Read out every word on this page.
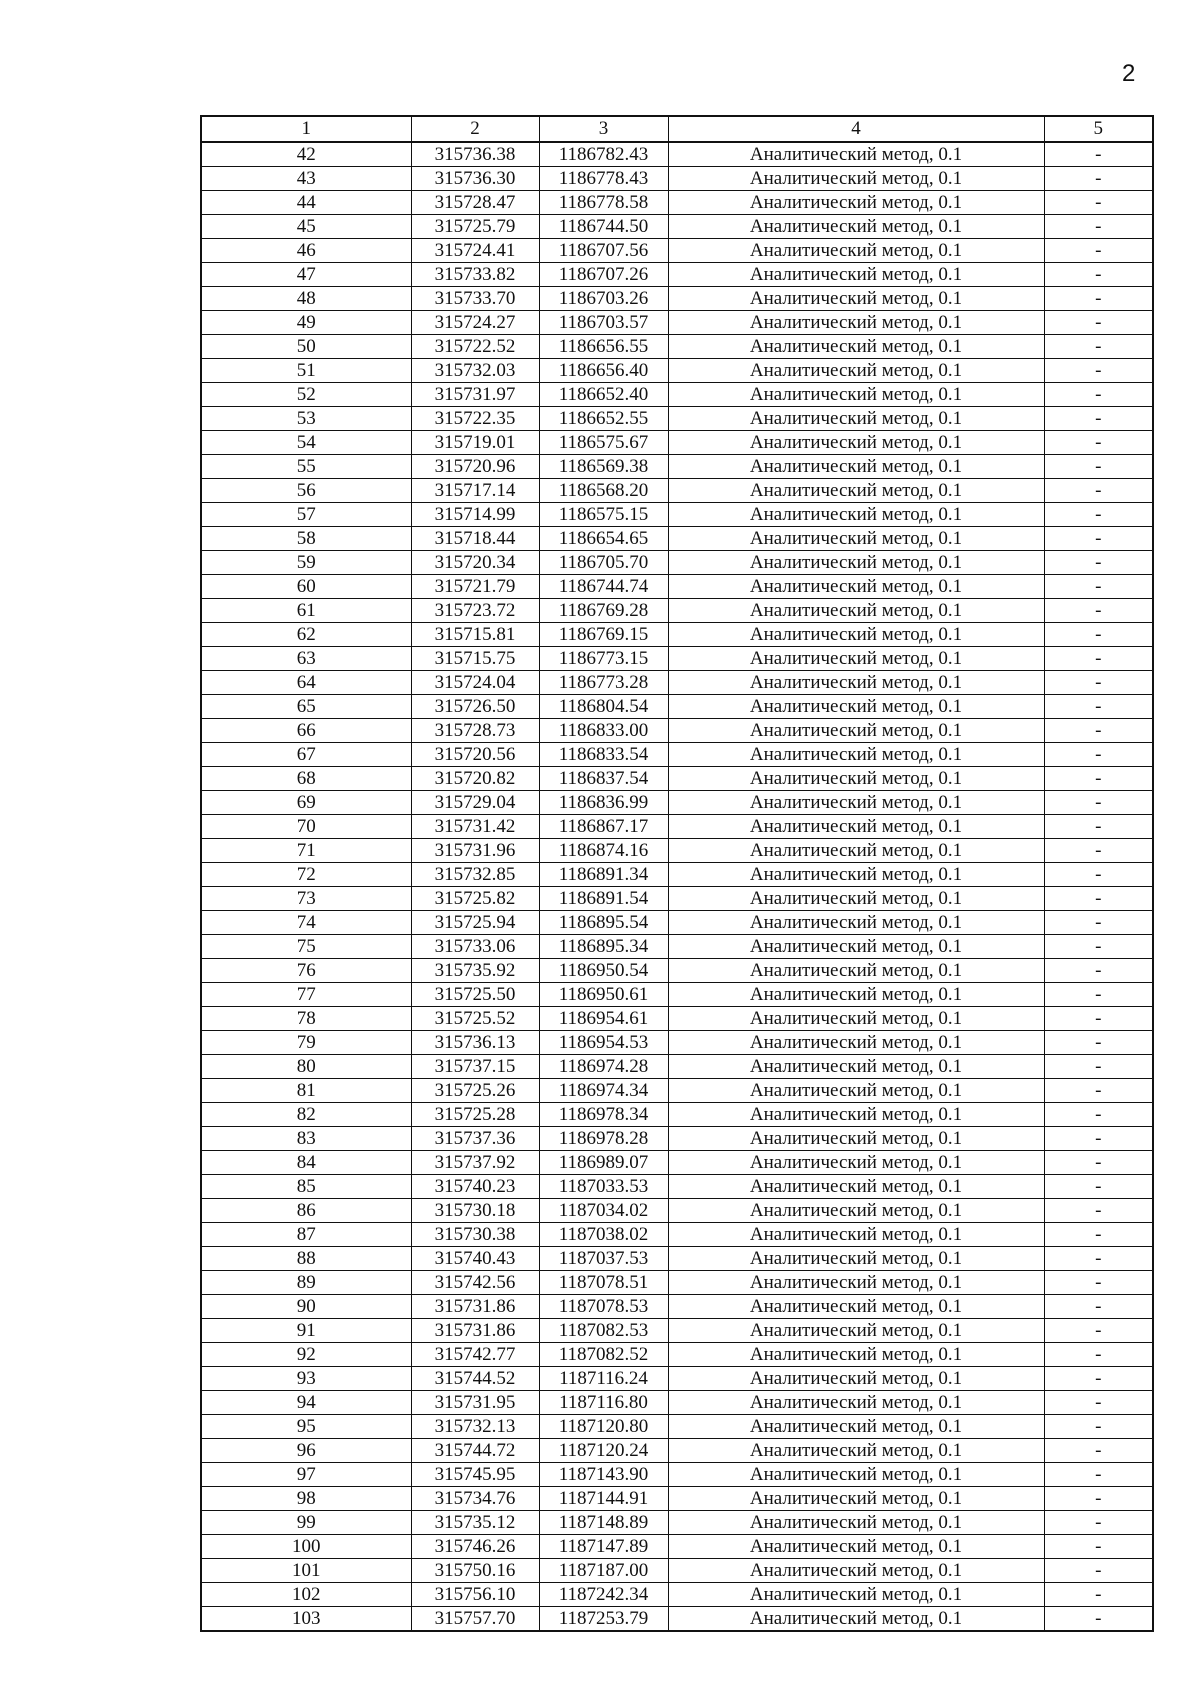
2
1	2	3	4	5
42	315736.38	1186782.43	Аналитический метод, 0.1	-
43	315736.30	1186778.43	Аналитический метод, 0.1	-
44	315728.47	1186778.58	Аналитический метод, 0.1	-
45	315725.79	1186744.50	Аналитический метод, 0.1	-
46	315724.41	1186707.56	Аналитический метод, 0.1	-
47	315733.82	1186707.26	Аналитический метод, 0.1	-
48	315733.70	1186703.26	Аналитический метод, 0.1	-
49	315724.27	1186703.57	Аналитический метод, 0.1	-
50	315722.52	1186656.55	Аналитический метод, 0.1	-
51	315732.03	1186656.40	Аналитический метод, 0.1	-
52	315731.97	1186652.40	Аналитический метод, 0.1	-
53	315722.35	1186652.55	Аналитический метод, 0.1	-
54	315719.01	1186575.67	Аналитический метод, 0.1	-
55	315720.96	1186569.38	Аналитический метод, 0.1	-
56	315717.14	1186568.20	Аналитический метод, 0.1	-
57	315714.99	1186575.15	Аналитический метод, 0.1	-
58	315718.44	1186654.65	Аналитический метод, 0.1	-
59	315720.34	1186705.70	Аналитический метод, 0.1	-
60	315721.79	1186744.74	Аналитический метод, 0.1	-
61	315723.72	1186769.28	Аналитический метод, 0.1	-
62	315715.81	1186769.15	Аналитический метод, 0.1	-
63	315715.75	1186773.15	Аналитический метод, 0.1	-
64	315724.04	1186773.28	Аналитический метод, 0.1	-
65	315726.50	1186804.54	Аналитический метод, 0.1	-
66	315728.73	1186833.00	Аналитический метод, 0.1	-
67	315720.56	1186833.54	Аналитический метод, 0.1	-
68	315720.82	1186837.54	Аналитический метод, 0.1	-
69	315729.04	1186836.99	Аналитический метод, 0.1	-
70	315731.42	1186867.17	Аналитический метод, 0.1	-
71	315731.96	1186874.16	Аналитический метод, 0.1	-
72	315732.85	1186891.34	Аналитический метод, 0.1	-
73	315725.82	1186891.54	Аналитический метод, 0.1	-
74	315725.94	1186895.54	Аналитический метод, 0.1	-
75	315733.06	1186895.34	Аналитический метод, 0.1	-
76	315735.92	1186950.54	Аналитический метод, 0.1	-
77	315725.50	1186950.61	Аналитический метод, 0.1	-
78	315725.52	1186954.61	Аналитический метод, 0.1	-
79	315736.13	1186954.53	Аналитический метод, 0.1	-
80	315737.15	1186974.28	Аналитический метод, 0.1	-
81	315725.26	1186974.34	Аналитический метод, 0.1	-
82	315725.28	1186978.34	Аналитический метод, 0.1	-
83	315737.36	1186978.28	Аналитический метод, 0.1	-
84	315737.92	1186989.07	Аналитический метод, 0.1	-
85	315740.23	1187033.53	Аналитический метод, 0.1	-
86	315730.18	1187034.02	Аналитический метод, 0.1	-
87	315730.38	1187038.02	Аналитический метод, 0.1	-
88	315740.43	1187037.53	Аналитический метод, 0.1	-
89	315742.56	1187078.51	Аналитический метод, 0.1	-
90	315731.86	1187078.53	Аналитический метод, 0.1	-
91	315731.86	1187082.53	Аналитический метод, 0.1	-
92	315742.77	1187082.52	Аналитический метод, 0.1	-
93	315744.52	1187116.24	Аналитический метод, 0.1	-
94	315731.95	1187116.80	Аналитический метод, 0.1	-
95	315732.13	1187120.80	Аналитический метод, 0.1	-
96	315744.72	1187120.24	Аналитический метод, 0.1	-
97	315745.95	1187143.90	Аналитический метод, 0.1	-
98	315734.76	1187144.91	Аналитический метод, 0.1	-
99	315735.12	1187148.89	Аналитический метод, 0.1	-
100	315746.26	1187147.89	Аналитический метод, 0.1	-
101	315750.16	1187187.00	Аналитический метод, 0.1	-
102	315756.10	1187242.34	Аналитический метод, 0.1	-
103	315757.70	1187253.79	Аналитический метод, 0.1	-
